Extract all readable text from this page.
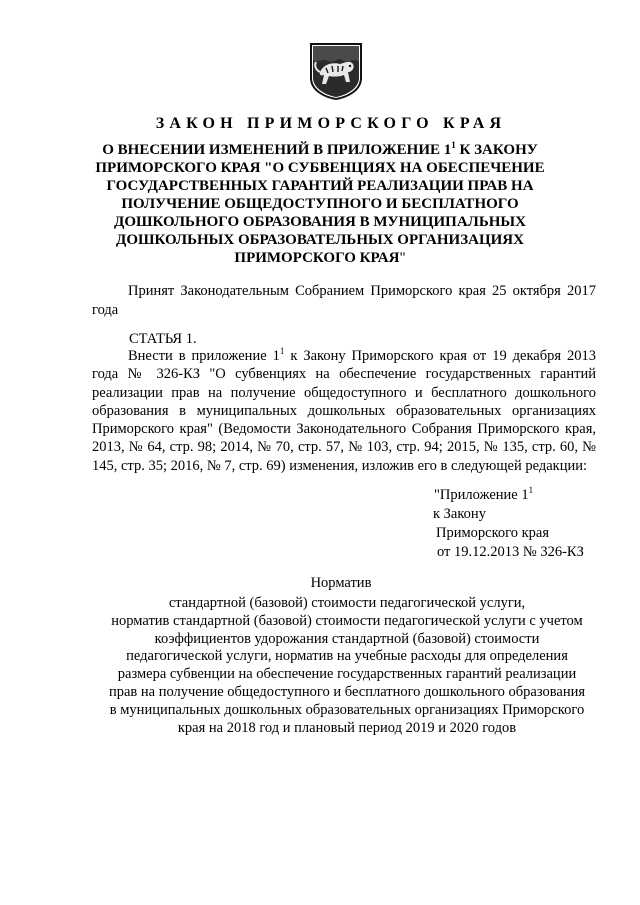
ЗАКОН ПРИМОРСКОГО КРАЯ
О ВНЕСЕНИИ ИЗМЕНЕНИЙ В ПРИЛОЖЕНИЕ $1^1$ К ЗАКОНУ ПРИМОРСКОГО КРАЯ "О СУБВЕНЦИЯХ НА ОБЕСПЕЧЕНИЕ ГОСУДАРСТВЕННЫХ ГАРАНТИЙ РЕАЛИЗАЦИИ ПРАВ НА ПОЛУЧЕНИЕ ОБЩЕДОСТУПНОГО И БЕСПЛАТНОГО ДОШКОЛЬНОГО ОБРАЗОВАНИЯ В МУНИЦИПАЛЬНЫХ ДОШКОЛЬНЫХ ОБРАЗОВАТЕЛЬНЫХ ОРГАНИЗАЦИЯХ ПРИМОРСКОГО КРАЯ"
Принят Законодательным Собранием Приморского края 25 октября 2017 года
СТАТЬЯ 1.
Внести в приложение $1^1$ к Закону Приморского края от 19 декабря 2013 года № 326-КЗ "О субвенциях на обеспечение государственных гарантий реализации прав на получение общедоступного и бесплатного дошкольного образования в муниципальных дошкольных образовательных организациях Приморского края" (Ведомости Законодательного Собрания Приморского края, 2013, № 64, стр. 98; 2014, № 70, стр. 57, № 103, стр. 94; 2015, № 135, стр. 60, № 145, стр. 35; 2016, № 7, стр. 69) изменения, изложив его в следующей редакции:
"Приложение $1^1$
к Закону
Приморского края
от 19.12.2013 № 326-КЗ
Норматив
стандартной (базовой) стоимости педагогической услуги,
норматив стандартной (базовой) стоимости педагогической услуги с учетом
коэффициентов удорожания стандартной (базовой) стоимости
педагогической услуги, норматив на учебные расходы для определения
размера субвенции на обеспечение государственных гарантий реализации
прав на получение общедоступного и бесплатного дошкольного образования
в муниципальных дошкольных образовательных организациях Приморского
края на 2018 год и плановый период 2019 и 2020 годов
